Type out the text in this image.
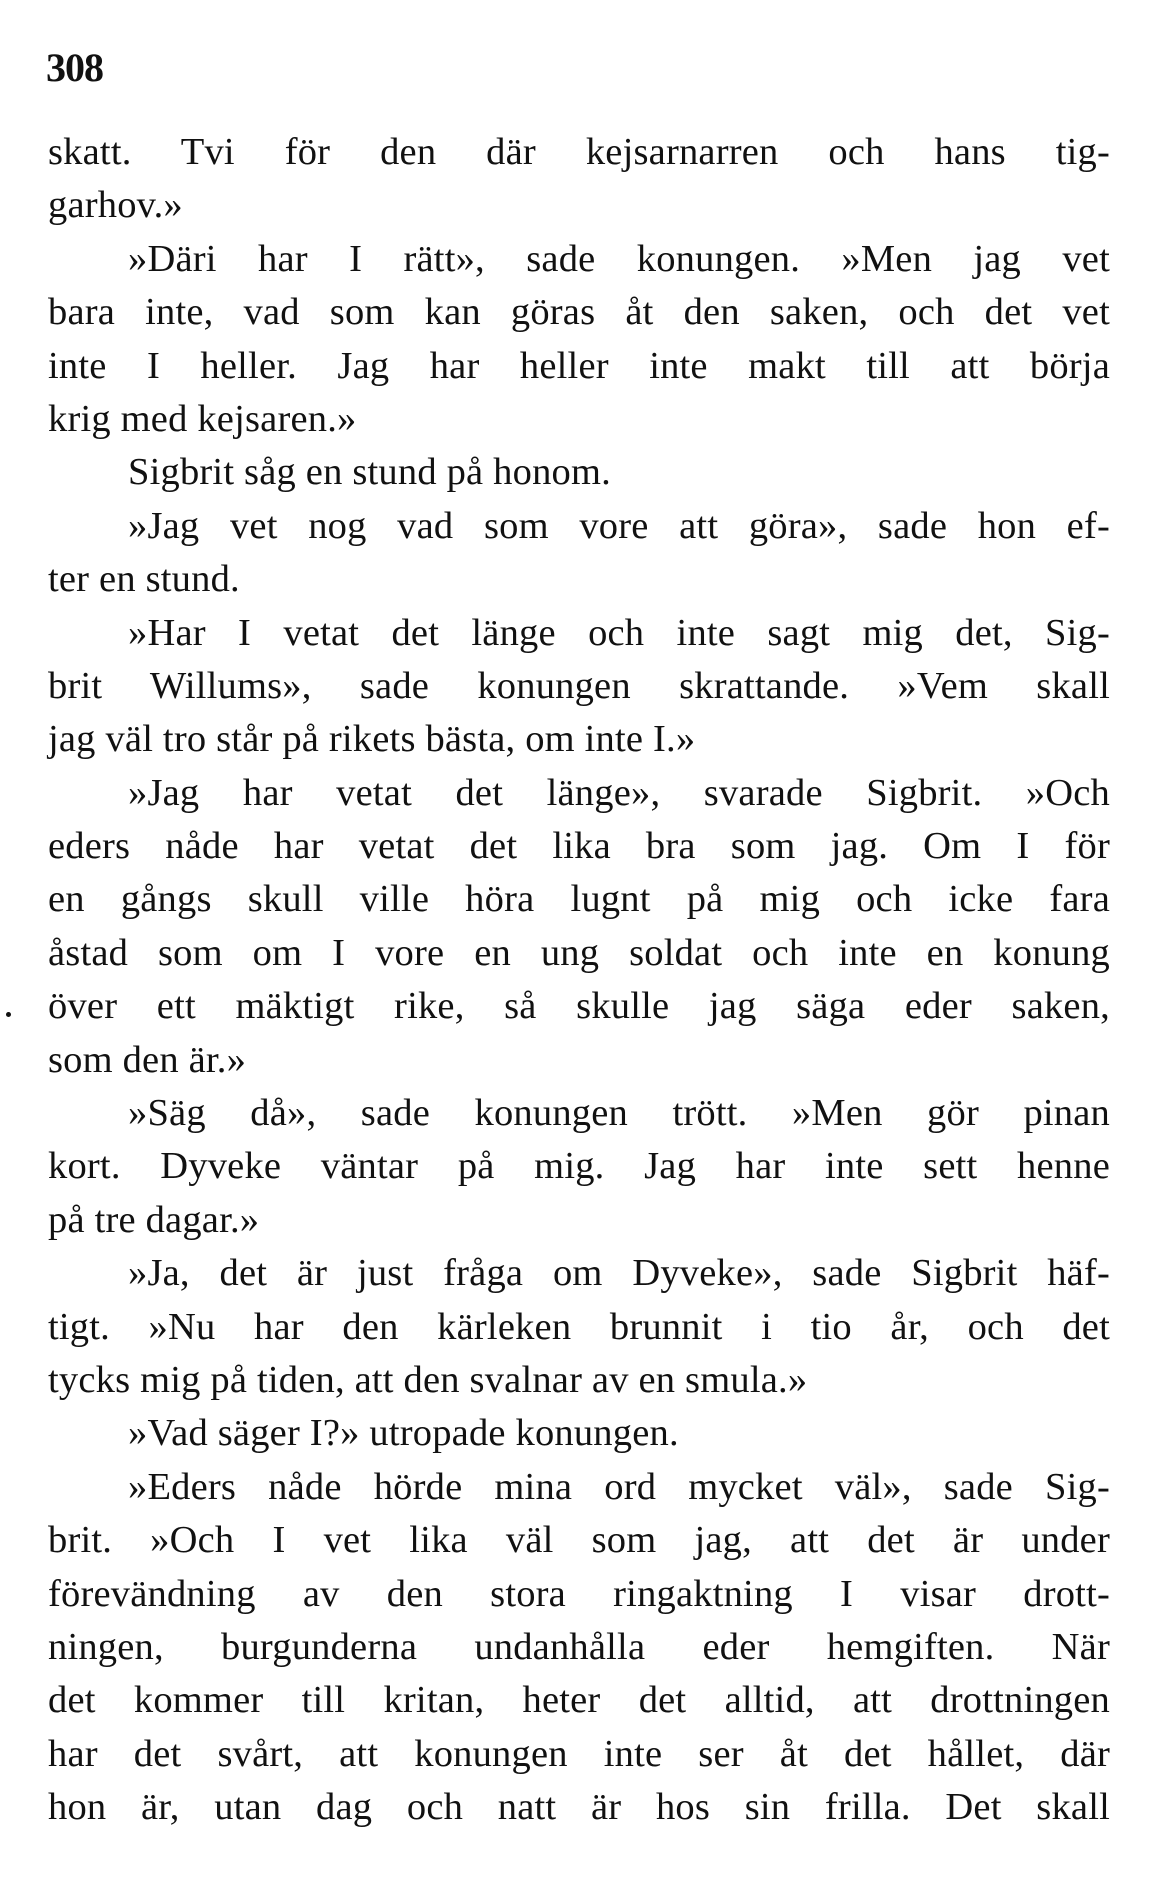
308
skatt. Tvi för den där kejsarnarren och hans tig-
garhov.»
»Däri har I rätt», sade konungen. »Men jag vet
bara inte, vad som kan göras åt den saken, och det vet
inte I heller. Jag har heller inte makt till att börja
krig med kejsaren.»
Sigbrit såg en stund på honom.
»Jag vet nog vad som vore att göra», sade hon ef-
ter en stund.
»Har I vetat det länge och inte sagt mig det, Sig-
brit Willums», sade konungen skrattande. »Vem skall
jag väl tro står på rikets bästa, om inte I.»
»Jag har vetat det länge», svarade Sigbrit. »Och
eders nåde har vetat det lika bra som jag. Om I för
en gångs skull ville höra lugnt på mig och icke fara
åstad som om I vore en ung soldat och inte en konung
över ett mäktigt rike, så skulle jag säga eder saken,
som den är.»
»Säg då», sade konungen trött. »Men gör pinan
kort. Dyveke väntar på mig. Jag har inte sett henne
på tre dagar.»
»Ja, det är just fråga om Dyveke», sade Sigbrit häf-
tigt. »Nu har den kärleken brunnit i tio år, och det
tycks mig på tiden, att den svalnar av en smula.»
»Vad säger I?» utropade konungen.
»Eders nåde hörde mina ord mycket väl», sade Sig-
brit. »Och I vet lika väl som jag, att det är under
förevändning av den stora ringaktning I visar drott-
ningen, burgunderna undanhålla eder hemgiften. När
det kommer till kritan, heter det alltid, att drottningen
har det svårt, att konungen inte ser åt det hållet, där
hon är, utan dag och natt är hos sin frilla. Det skall
